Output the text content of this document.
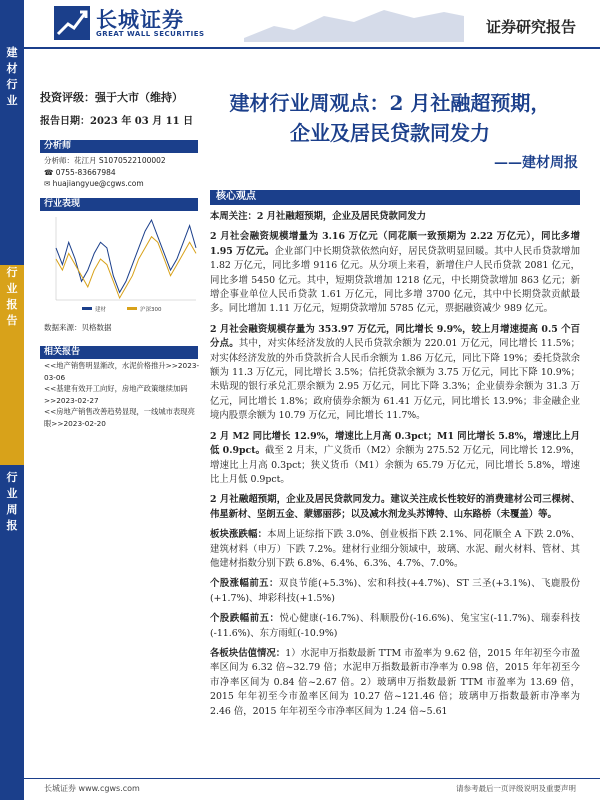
建
材
行
业
行
业
报
告
行
业
周
报
长城证券
GREAT WALL SECURITIES	证券研究报告
投资评级：强于大市（维持）
报告日期：2023 年 03 月 11 日
分析师
分析师：花江月 S1070522100002
☎ 0755-83667984
✉ huajiangyue@cgws.com
行业表现
建材	沪深300
数据来源：贝格数据
相关报告
<<地产销售明显渐改，水泥价格推升>>2023-03-06
<<基建有效开工向好，房地产政策继续加码>>2023-02-27
<<房地产销售改善趋势显现，一线城市表现亮眼>>2023-02-20
建材行业周观点：2 月社融超预期，
企业及居民贷款同发力
——建材周报
核心观点

本周关注：2 月社融超预期，企业及居民贷款同发力

2 月社会融资规模增量为 3.16 万亿元（同花顺一致预期为 2.22 万亿元），同比多增 1.95 万亿元。企业部门中长期贷款依然向好，居民贷款明显回暖。其中人民币贷款增加 1.82 万亿元，同比多增 9116 亿元。从分项上来看，新增住户人民币贷款 2081 亿元，同比多增 5450 亿元。其中，短期贷款增加 1218 亿元，中长期贷款增加 863 亿元；新增企事业单位人民币贷款 1.61 万亿元，同比多增 3700 亿元，其中中长期贷款贡献最多。同比增加 1.11 万亿元，短期贷款增加 5785 亿元，票据融资减少 989 亿元。

2 月社会融资规模存量为 353.97 万亿元，同比增长 9.9%，较上月增速提高 0.5 个百分点。其中，对实体经济发放的人民币贷款余额为 220.01 万亿元，同比增长 11.5%；对实体经济发放的外币贷款折合人民币余额为 1.86 万亿元，同比下降 19%；委托贷款余额为 11.3 万亿元，同比增长 3.5%；信托贷款余额为 3.75 万亿元，同比下降 10.9%；未贴现的银行承兑汇票余额为 2.95 万亿元，同比下降 3.3%；企业债券余额为 31.3 万亿元，同比增长 1.8%；政府债券余额为 61.41 万亿元，同比增长 13.9%；非金融企业境内股票余额为 10.79 万亿元，同比增长 11.7%。

2 月 M2 同比增长 12.9%，增速比上月高 0.3pct；M1 同比增长 5.8%，增速比上月低 0.9pct。截至 2 月末，广义货币（M2）余额为 275.52 万亿元，同比增长 12.9%，增速比上月高 0.3pct；狭义货币（M1）余额为 65.79 万亿元，同比增长 5.8%，增速比上月低 0.9pct。

2 月社融超预期，企业及居民贷款同发力。建议关注成长性较好的消费建材公司三棵树、伟星新材、坚朗五金、蒙娜丽莎；以及减水剂龙头苏博特、山东路桥（未覆盖）等。

板块涨跌幅：本周上证综指下跌 3.0%、创业板指下跌 2.1%、同花顺全 A 下跌 2.0%、建筑材料（申万）下跌 7.2%。建材行业细分领域中，玻璃、水泥、耐火材料、管材、其他建材指数分别下跌 6.8%、6.4%、6.3%、4.7%、7.0%。

个股涨幅前五：双良节能(+5.3%)、宏和科技(+4.7%)、ST 三圣(+3.1%)、飞鹿股份(+1.7%)、坤彩科技(+1.5%)

个股跌幅前五：悦心健康(-16.7%)、科顺股份(-16.6%)、兔宝宝(-11.7%)、瑞泰科技(-11.6%)、东方雨虹(-10.9%)

各板块估值情况：1）水泥申万指数最新 TTM 市盈率为 9.62 倍，2015 年年初至今市盈率区间为 6.32 倍~32.79 倍；水泥申万指数最新市净率为 0.98 倍，2015 年年初至今市净率区间为 0.84 倍~2.67 倍。2）玻璃申万指数最新 TTM 市盈率为 13.69 倍，2015 年年初至今市盈率区间为 10.27 倍~121.46 倍；玻璃申万指数最新市净率为 2.46 倍，2015 年年初至今市净率区间为 1.24 倍~5.61

长城证券 www.cgws.com	请参考最后一页评级说明及重要声明
